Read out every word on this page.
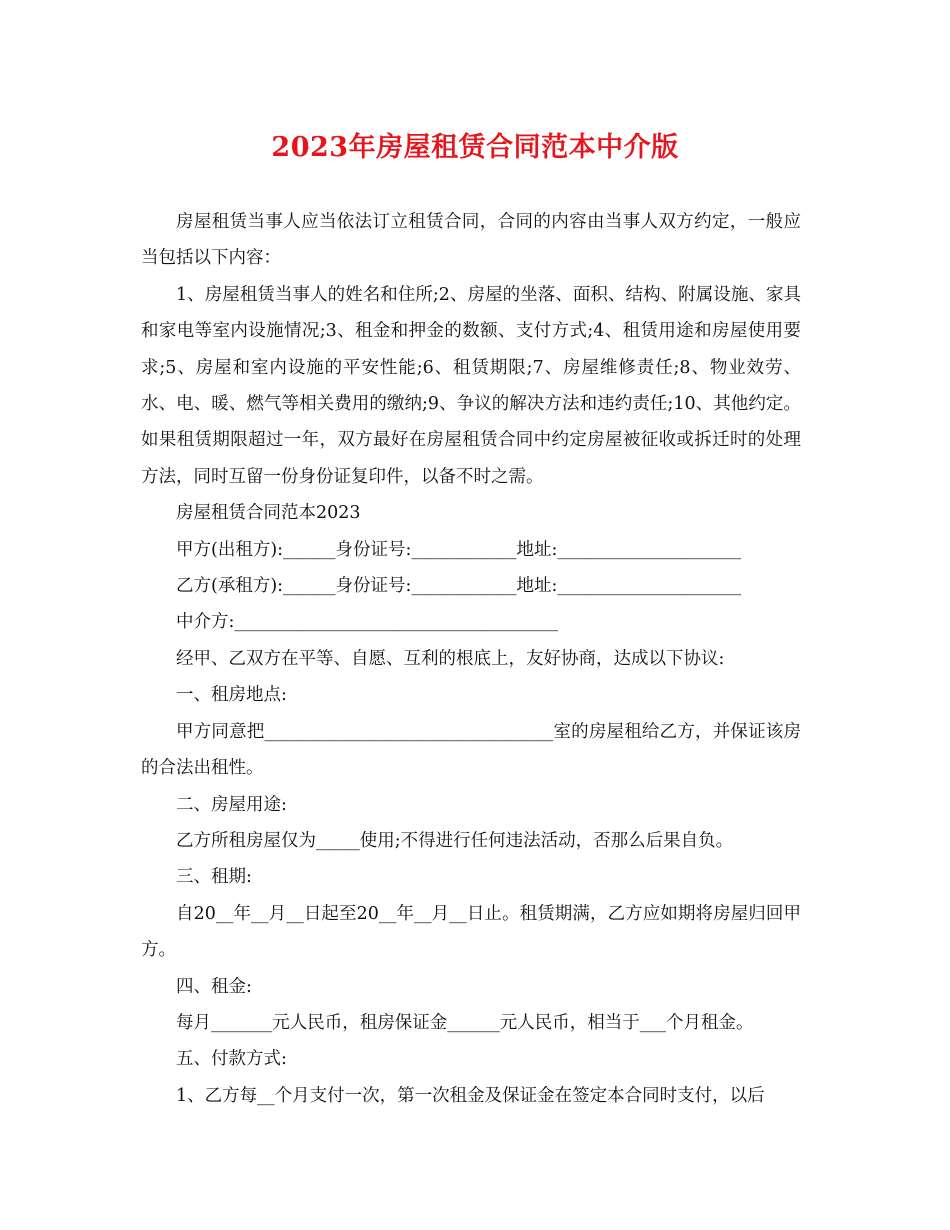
2023年房屋租赁合同范本中介版

房屋租赁当事人应当依法订立租赁合同，合同的内容由当事人双方约定，一般应当包括以下内容：

1、房屋租赁当事人的姓名和住所;2、房屋的坐落、面积、结构、附属设施、家具和家电等室内设施情况;3、租金和押金的数额、支付方式;4、租赁用途和房屋使用要求;5、房屋和室内设施的平安性能;6、租赁期限;7、房屋维修责任;8、物业效劳、水、电、暖、燃气等相关费用的缴纳;9、争议的解决方法和违约责任;10、其他约定。如果租赁期限超过一年，双方最好在房屋租赁合同中约定房屋被征收或拆迁时的处理方法，同时互留一份身份证复印件，以备不时之需。

房屋租赁合同范本2023

甲方(出租方):______身份证号:____________地址:_____________________

乙方(承租方):______身份证号:____________地址:_____________________

中介方:_____________________________________

经甲、乙双方在平等、自愿、互利的根底上，友好协商，达成以下协议:

一、租房地点:

甲方同意把_________________________________室的房屋租给乙方，并保证该房的合法出租性。

二、房屋用途:

乙方所租房屋仅为_____使用;不得进行任何违法活动，否那么后果自负。

三、租期:

自20__年__月__日起至20__年__月__日止。租赁期满，乙方应如期将房屋归回甲方。

四、租金:

每月_______元人民币，租房保证金______元人民币，相当于___个月租金。

五、付款方式:

1、乙方每__个月支付一次，第一次租金及保证金在签定本合同时支付，以后
